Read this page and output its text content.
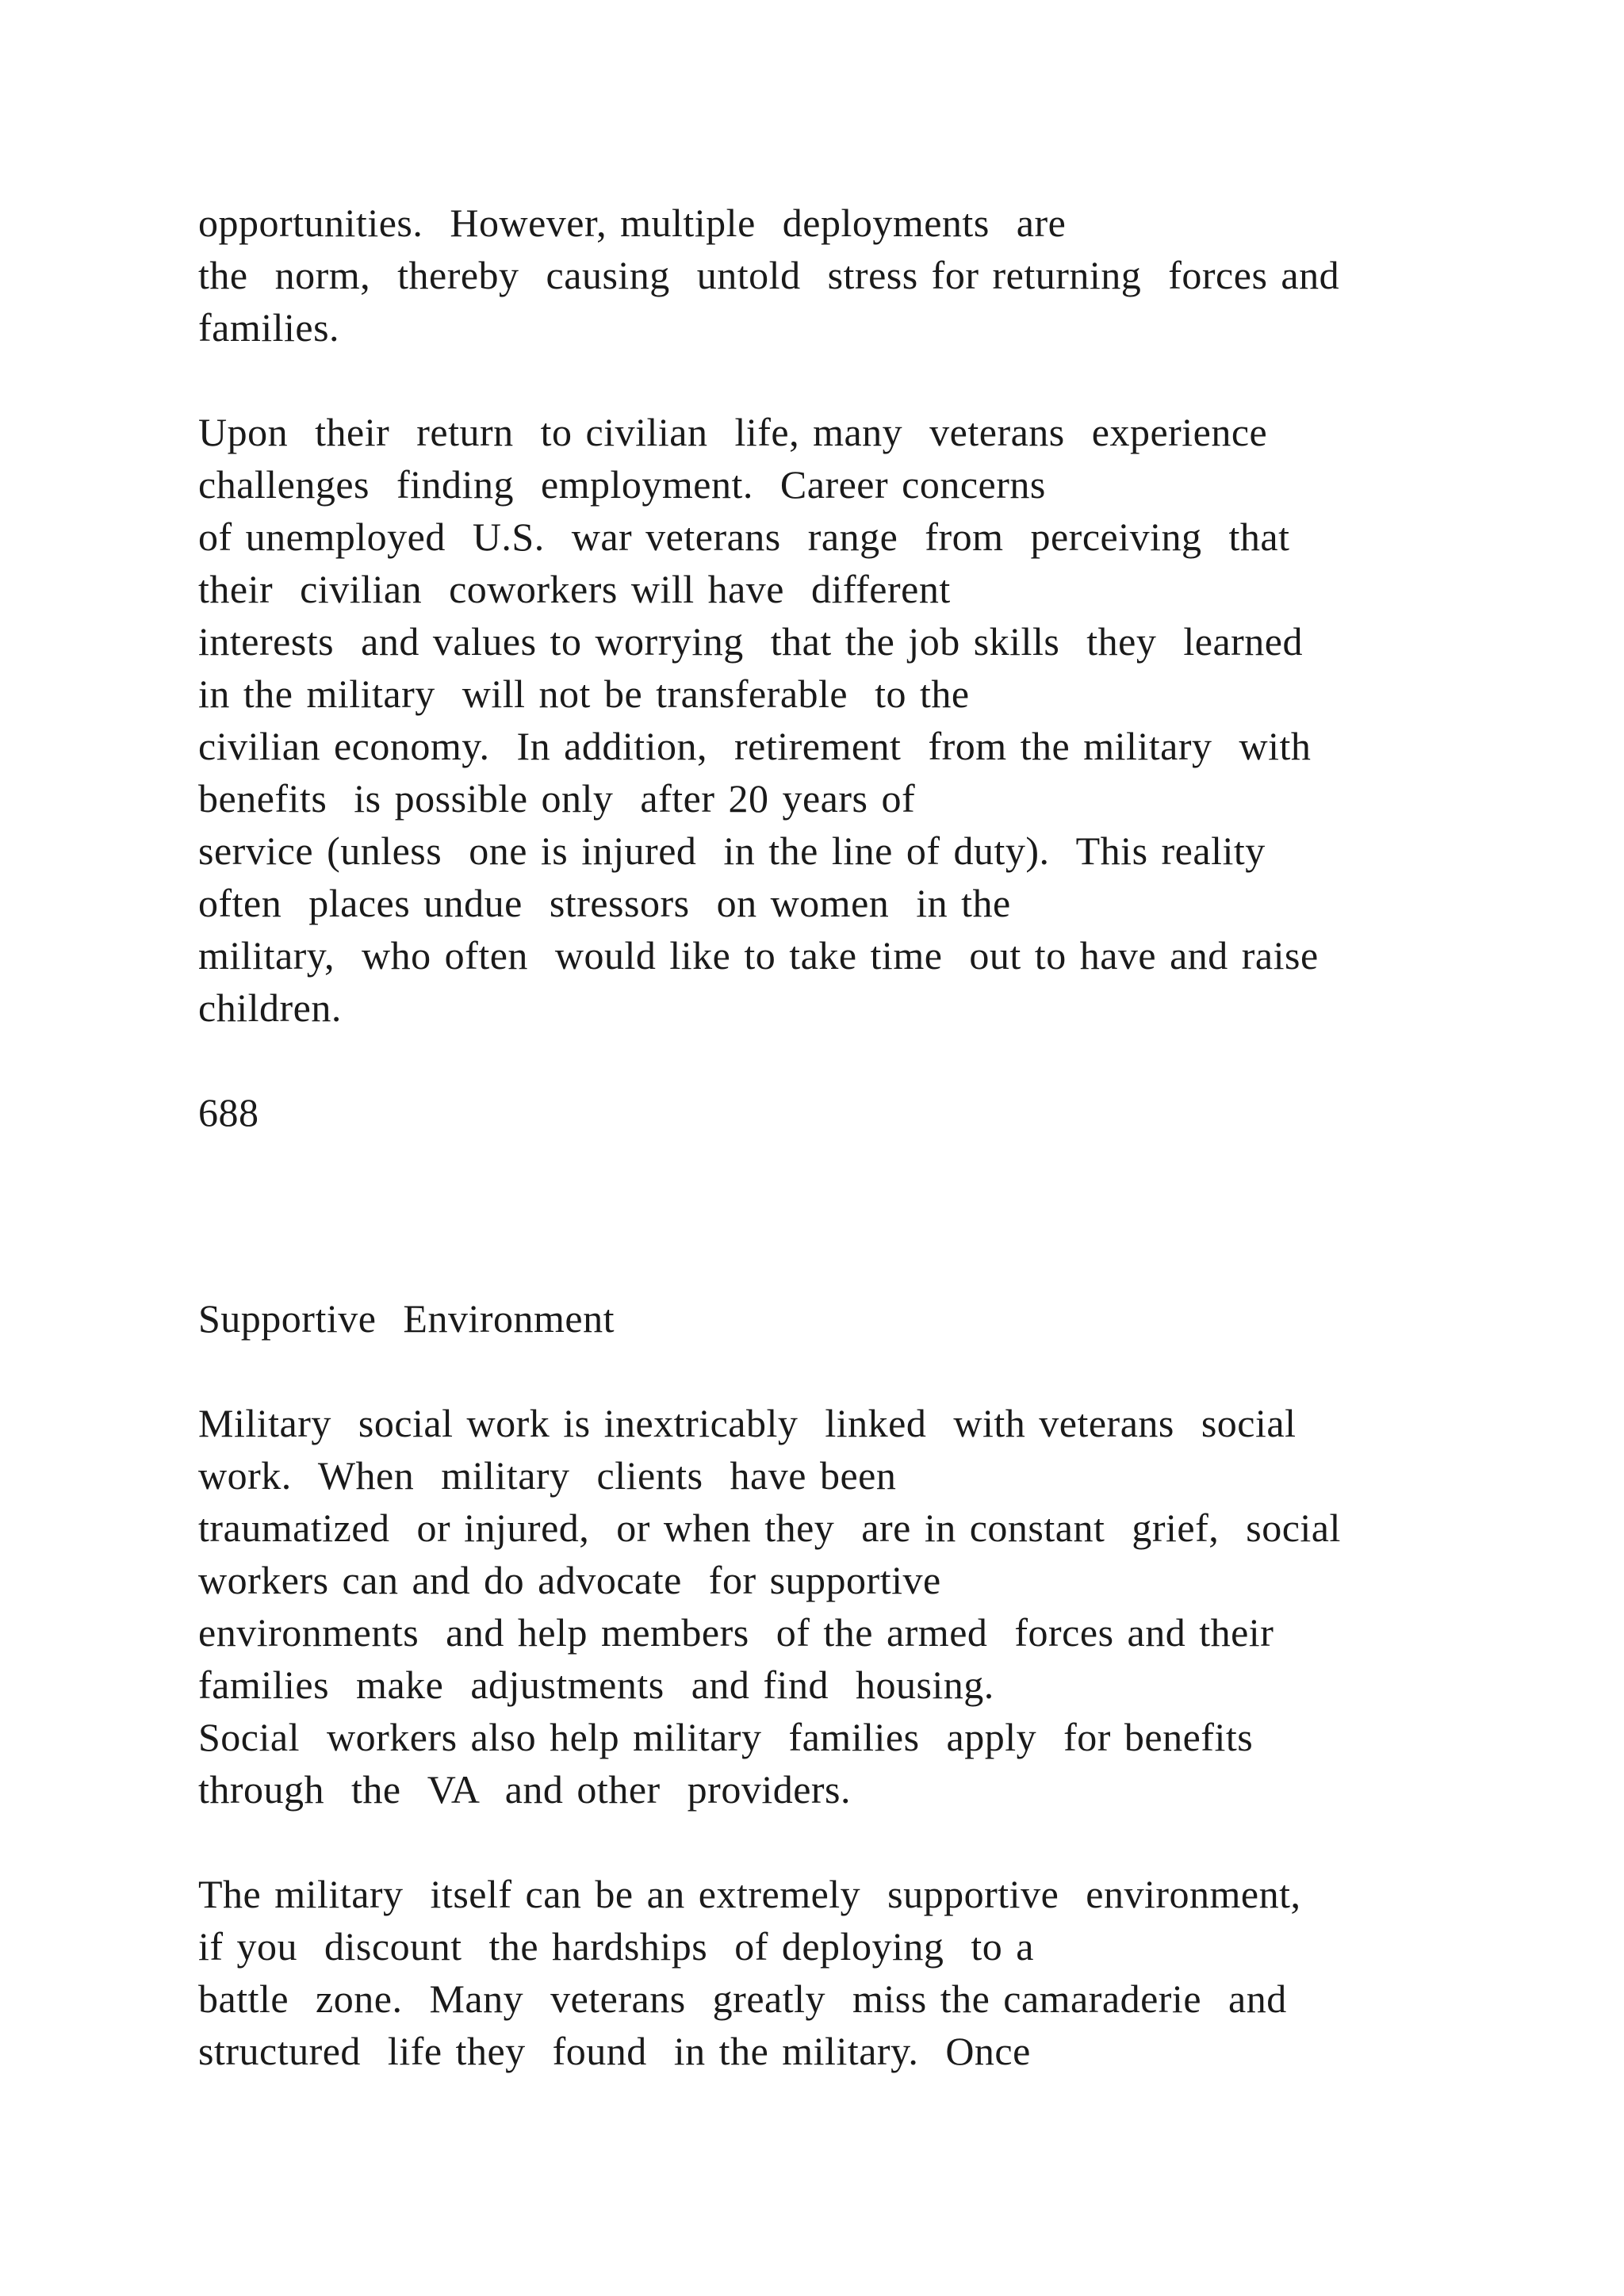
opportunities.  However, multiple  deployments  are
the  norm,  thereby  causing  untold  stress for returning  forces and
families.
Upon  their  return  to civilian  life, many  veterans  experience
challenges  finding  employment.  Career concerns
of unemployed  U.S.  war veterans  range  from  perceiving  that
their  civilian  coworkers will have  different
interests  and values to worrying  that the job skills  they  learned
in the military  will not be transferable  to the
civilian economy.  In addition,  retirement  from the military  with
benefits  is possible only  after 20 years of
service (unless  one is injured  in the line of duty).  This reality
often  places undue  stressors  on women  in the
military,  who often  would like to take time  out to have and raise
children.
688
Supportive  Environment
Military  social work is inextricably  linked  with veterans  social
work.  When  military  clients  have been
traumatized  or injured,  or when they  are in constant  grief,  social
workers can and do advocate  for supportive
environments  and help members  of the armed  forces and their
families  make  adjustments  and find  housing.
Social  workers also help military  families  apply  for benefits
through  the  VA  and other  providers.
The military  itself can be an extremely  supportive  environment,
if you  discount  the hardships  of deploying  to a
battle  zone.  Many  veterans  greatly  miss the camaraderie  and
structured  life they  found  in the military.  Once
